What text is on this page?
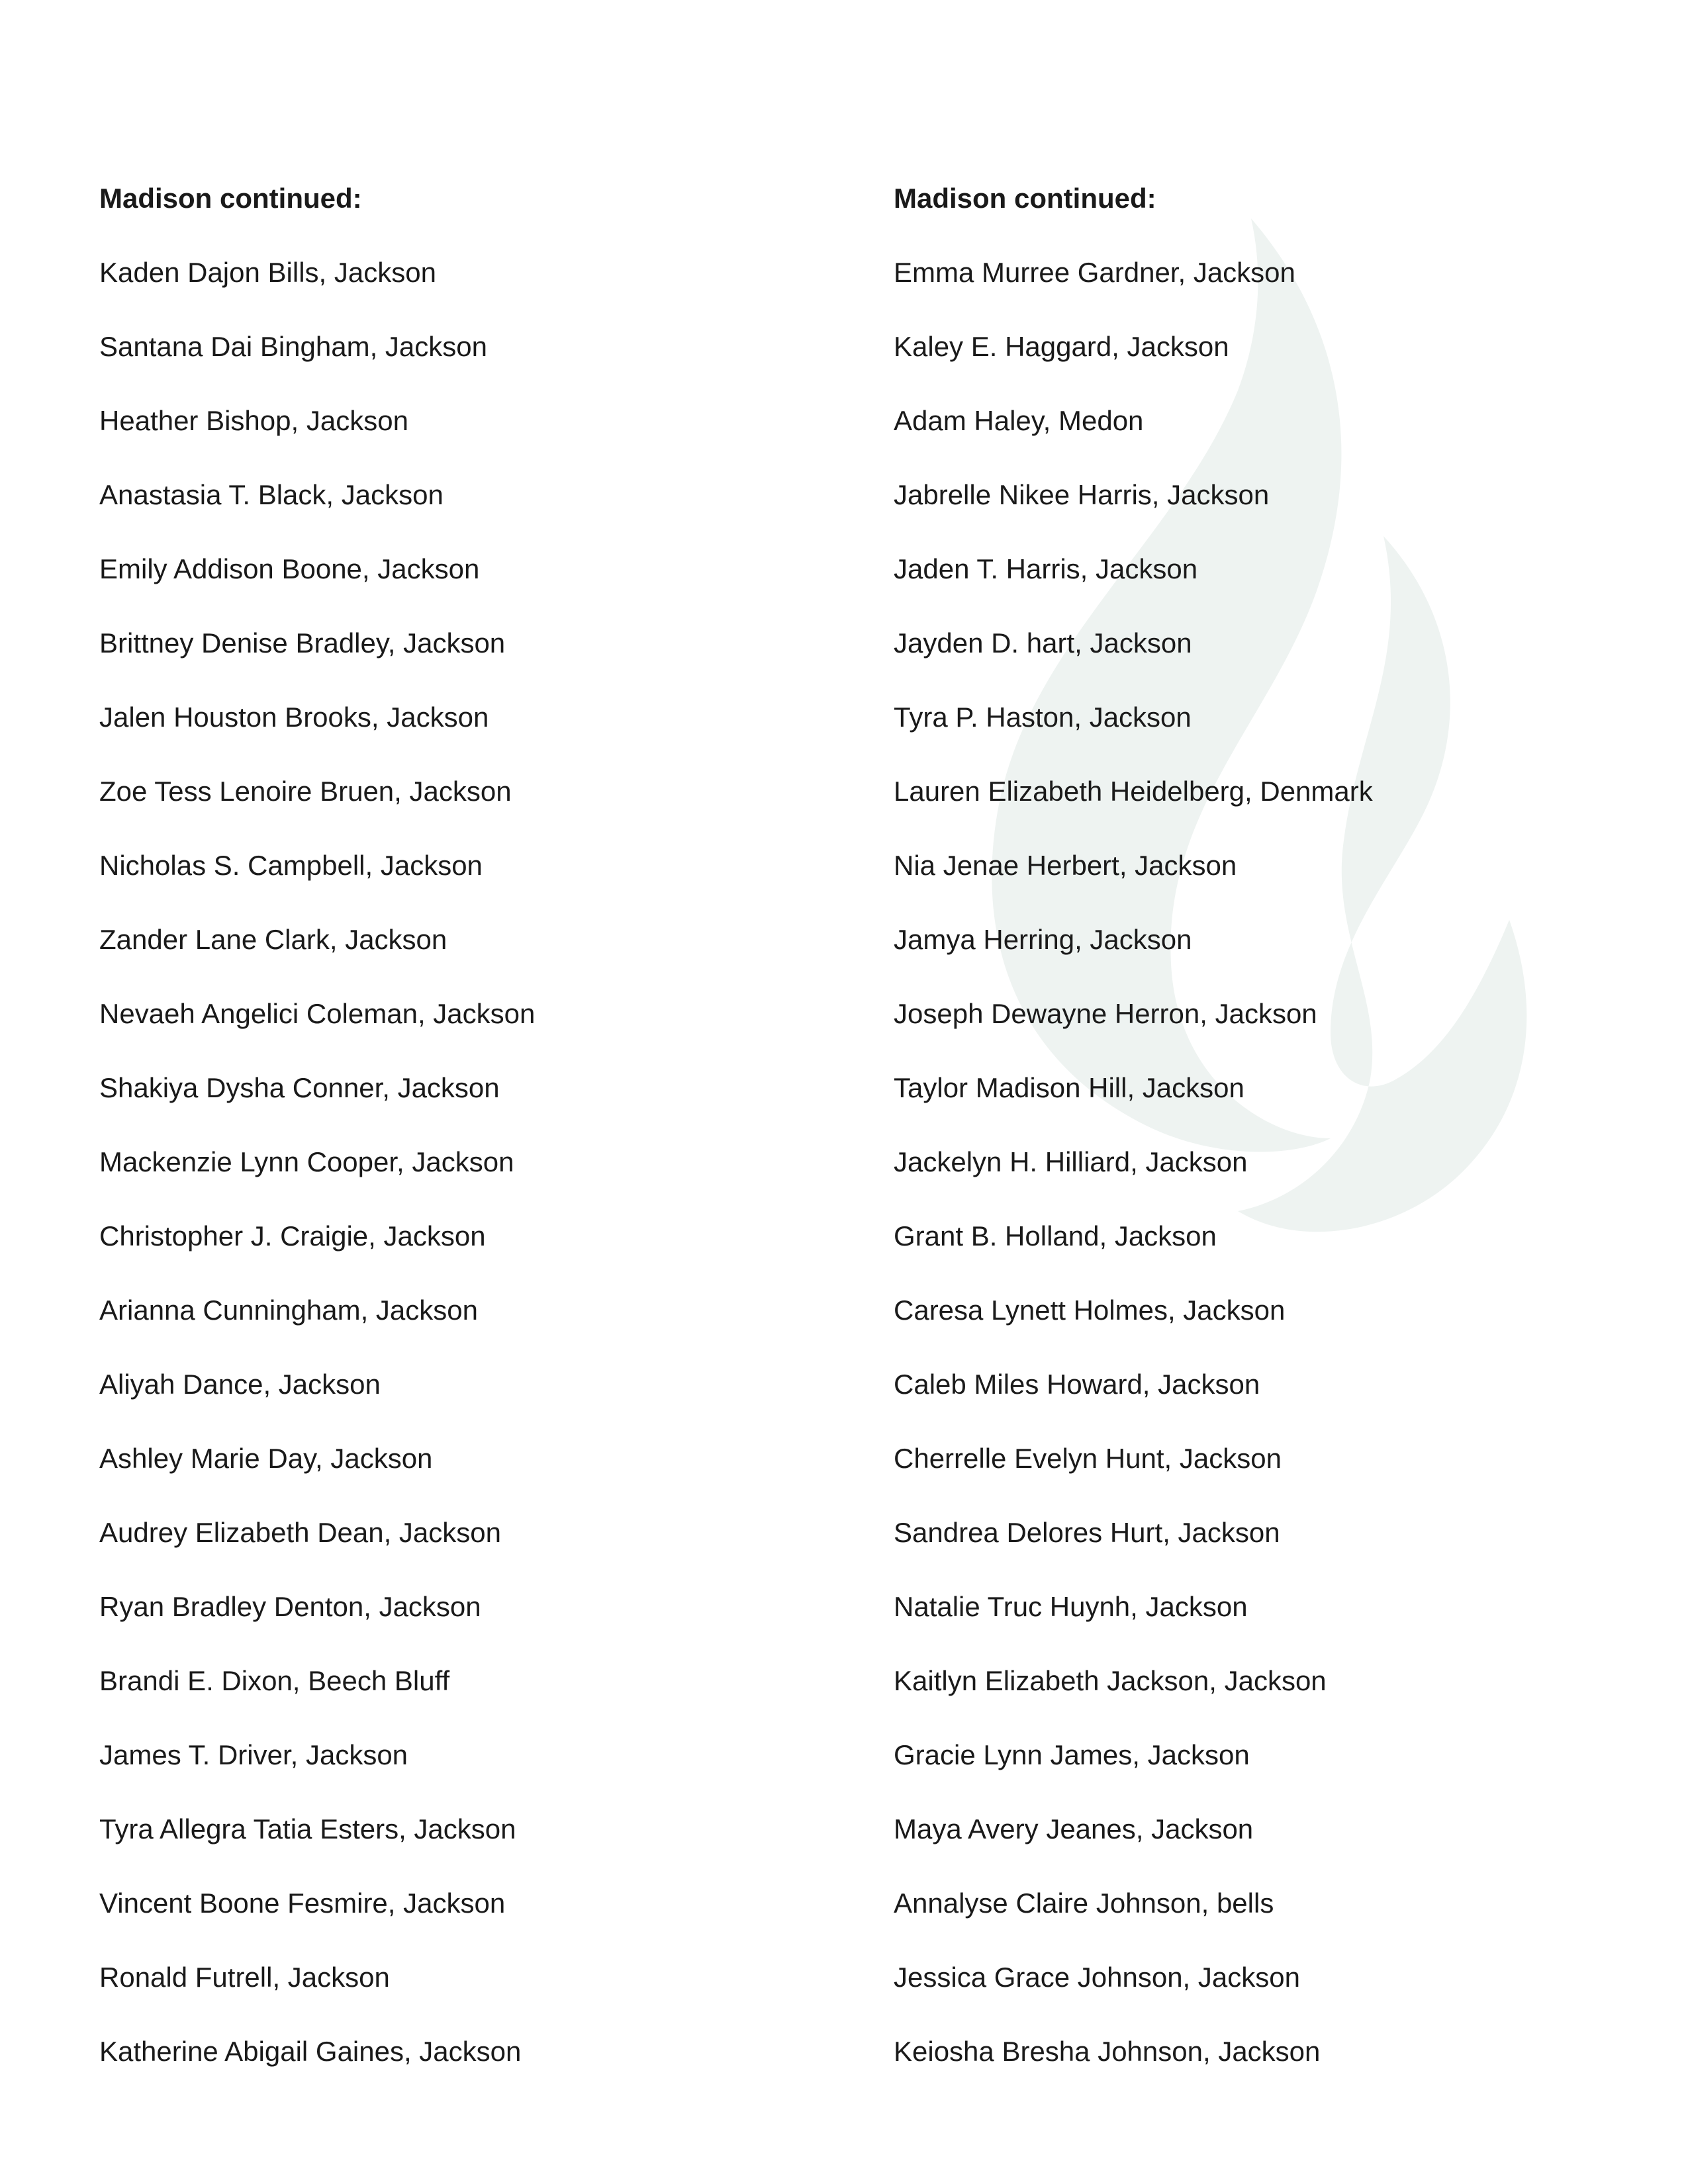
Madison continued:
Kaden Dajon Bills, Jackson
Santana Dai Bingham, Jackson
Heather Bishop, Jackson
Anastasia T. Black, Jackson
Emily Addison Boone, Jackson
Brittney Denise Bradley, Jackson
Jalen Houston Brooks, Jackson
Zoe Tess Lenoire Bruen, Jackson
Nicholas S. Campbell, Jackson
Zander Lane Clark, Jackson
Nevaeh Angelici Coleman, Jackson
Shakiya Dysha Conner, Jackson
Mackenzie Lynn Cooper, Jackson
Christopher J. Craigie, Jackson
Arianna Cunningham, Jackson
Aliyah Dance, Jackson
Ashley Marie Day, Jackson
Audrey Elizabeth Dean, Jackson
Ryan Bradley Denton, Jackson
Brandi E. Dixon, Beech Bluff
James T. Driver, Jackson
Tyra Allegra Tatia Esters, Jackson
Vincent Boone Fesmire, Jackson
Ronald Futrell, Jackson
Katherine Abigail Gaines, Jackson
Madison continued:
Emma Murree Gardner, Jackson
Kaley E. Haggard, Jackson
Adam Haley, Medon
Jabrelle Nikee Harris, Jackson
Jaden T. Harris, Jackson
Jayden D. hart, Jackson
Tyra P. Haston, Jackson
Lauren Elizabeth Heidelberg, Denmark
Nia Jenae Herbert, Jackson
Jamya Herring, Jackson
Joseph Dewayne Herron, Jackson
Taylor Madison Hill, Jackson
Jackelyn H. Hilliard, Jackson
Grant B. Holland, Jackson
Caresa Lynett Holmes, Jackson
Caleb Miles Howard, Jackson
Cherrelle Evelyn Hunt, Jackson
Sandrea Delores Hurt, Jackson
Natalie Truc Huynh, Jackson
Kaitlyn Elizabeth Jackson, Jackson
Gracie Lynn James, Jackson
Maya Avery Jeanes, Jackson
Annalyse Claire Johnson, bells
Jessica Grace Johnson, Jackson
Keiosha Bresha Johnson, Jackson
